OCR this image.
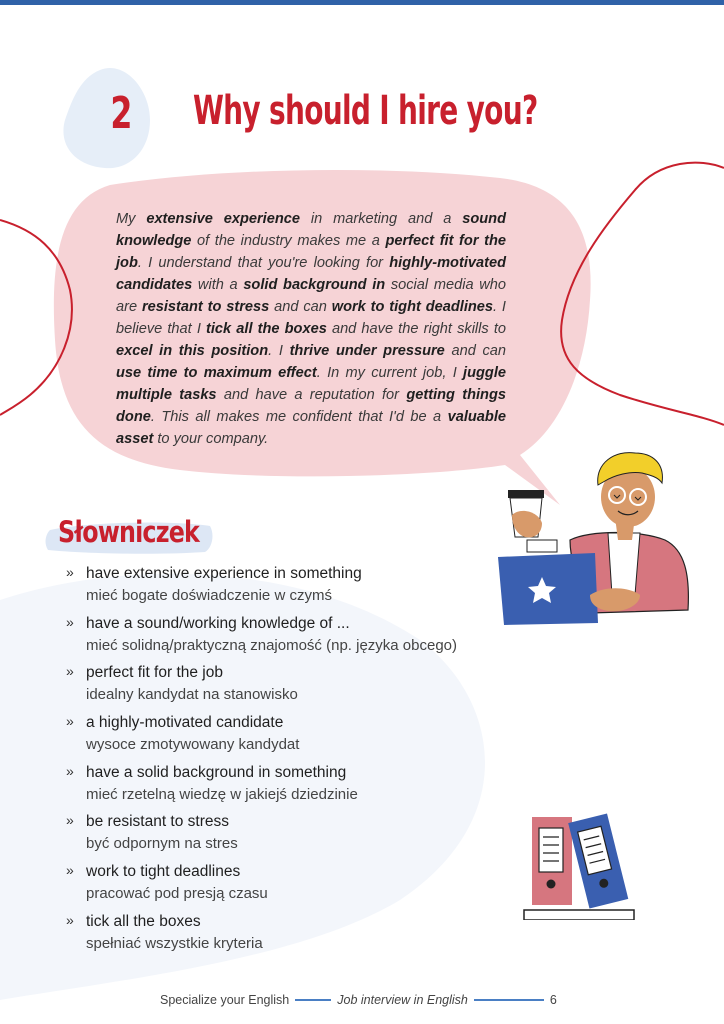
2 Why should I hire you?
My extensive experience in marketing and a sound knowledge of the industry makes me a perfect fit for the job. I understand that you're looking for highly-motivated candidates with a solid background in social media who are resistant to stress and can work to tight deadlines. I believe that I tick all the boxes and have the right skills to excel in this position. I thrive under pressure and can use time to maximum effect. In my current job, I juggle multiple tasks and have a reputation for getting things done. This all makes me confident that I'd be a valuable asset to your company.
Słowniczek
» have extensive experience in something
mieć bogate doświadczenie w czymś
» have a sound/working knowledge of ...
mieć solidną/praktyczną znajomość (np. języka obcego)
» perfect fit for the job
idealny kandydat na stanowisko
» a highly-motivated candidate
wysoce zmotywowany kandydat
» have a solid background in something
mieć rzetelną wiedzę w jakiejś dziedzinie
» be resistant to stress
być odpornym na stres
» work to tight deadlines
pracować pod presją czasu
» tick all the boxes
spełniać wszystkie kryteria
Specialize your English	Job interview in English	6
